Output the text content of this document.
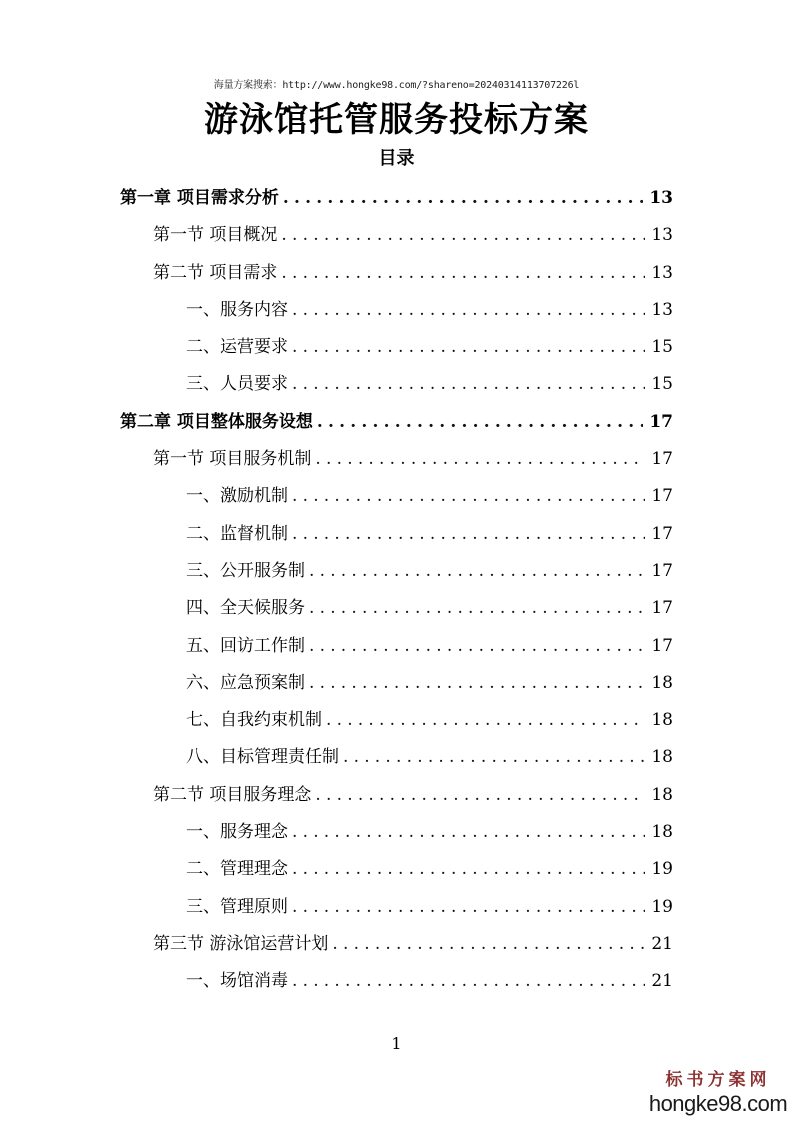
海量方案搜索：http://www.hongke98.com/?shareno=20240314113707226l
游泳馆托管服务投标方案
目录
第一章 项目需求分析 .....	13
第一节 项目概况 .....	13
第二节 项目需求 .....	13
一、服务内容 .....	13
二、运营要求 .....	15
三、人员要求 .....	15
第二章 项目整体服务设想 .....	17
第一节 项目服务机制 .....	17
一、激励机制 .....	17
二、监督机制 .....	17
三、公开服务制 .....	17
四、全天候服务 .....	17
五、回访工作制 .....	17
六、应急预案制 .....	18
七、自我约束机制 .....	18
八、目标管理责任制 .....	18
第二节 项目服务理念 .....	18
一、服务理念 .....	18
二、管理理念 .....	19
三、管理原则 .....	19
第三节 游泳馆运营计划 .....	21
一、场馆消毒 .....	21
1
标书方案网
hongke98.com
